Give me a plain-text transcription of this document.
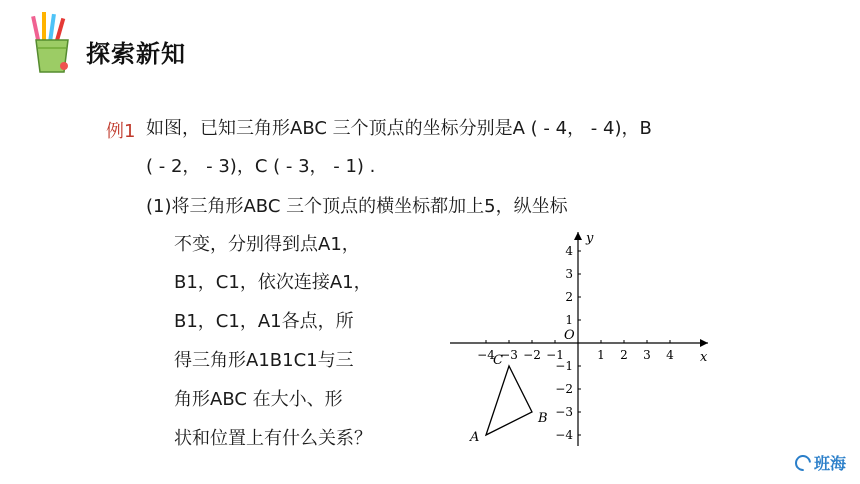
探索新知
例1 如图，已知三角形ABC 三个顶点的坐标分别是A ( - 4， - 4)，B
( - 2， - 3)，C ( - 3， - 1) .
(1)将三角形ABC 三个顶点的横坐标都加上5，纵坐标
不变，分别得到点A1，
B1，C1，依次连接A1，
B1，C1，A1各点，所
得三角形A1B1C1与三
角形ABC 在大小、形
状和位置上有什么关系？
−4 −3 −2 −1	1 2 3 4
4
3
2
1
−1
−2
−3
−4
A
B
C	x
y
O
班海
